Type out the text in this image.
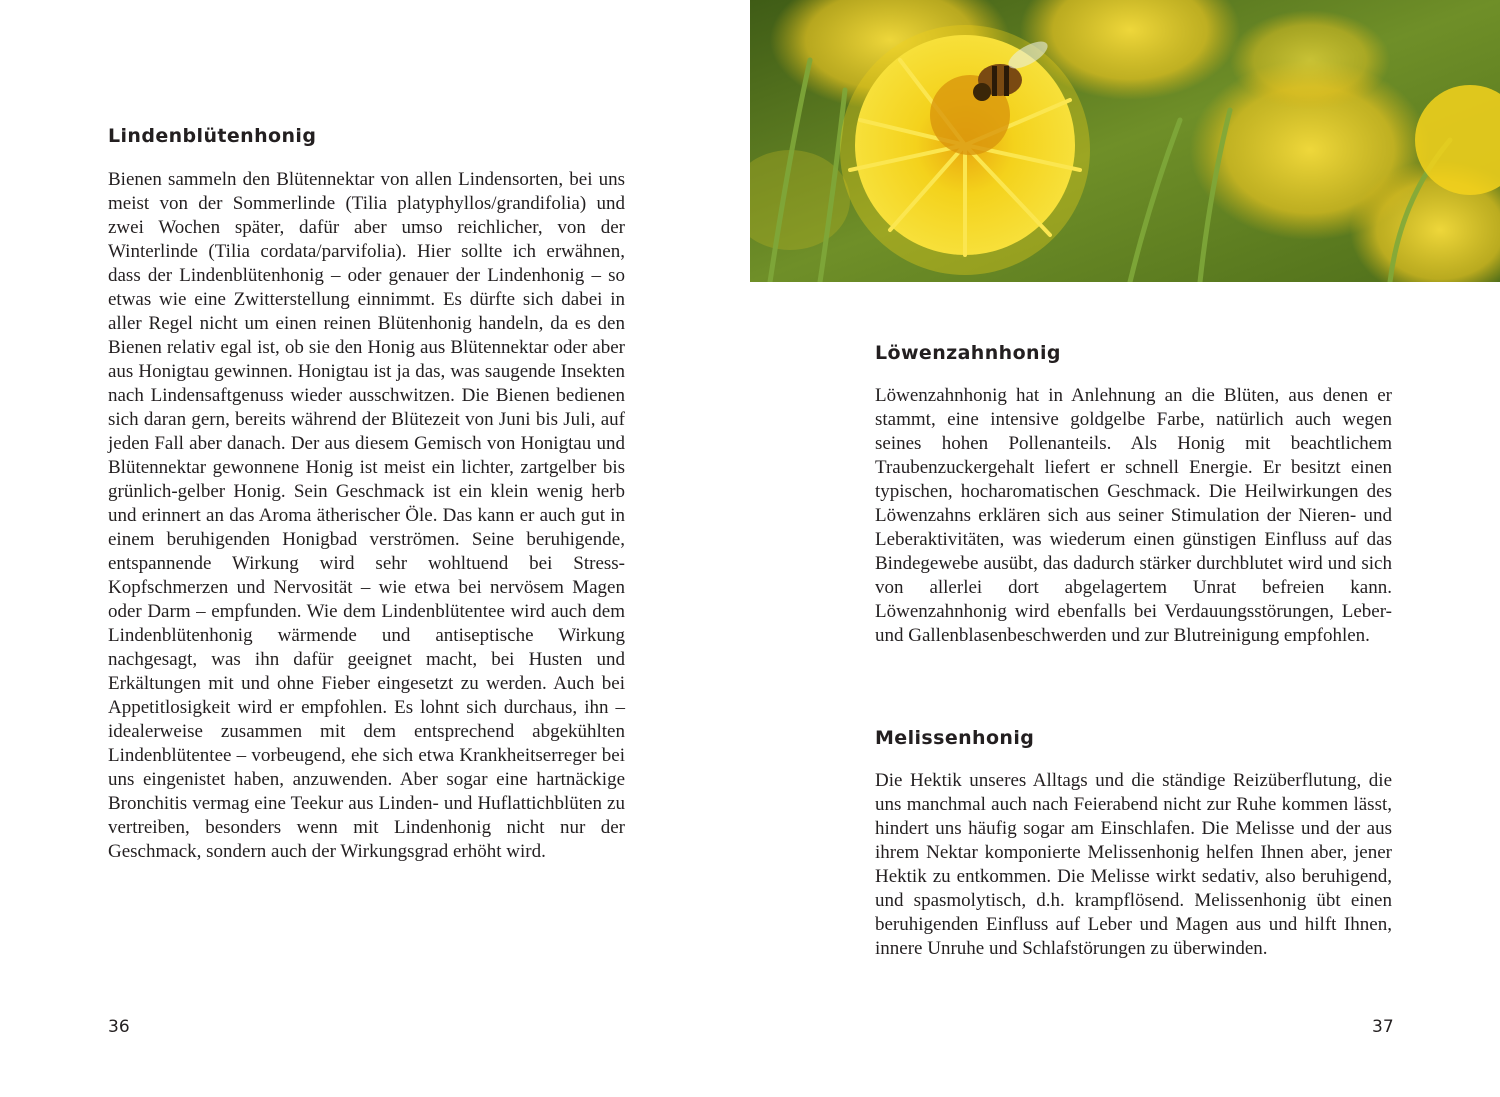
Lindenblütenhonig

Bienen sammeln den Blütennektar von allen Lindensorten, bei uns meist von der Sommerlinde (Tilia platyphyllos/grandifolia) und zwei Wochen später, dafür aber umso reichlicher, von der Winterlinde (Tilia cordata/parvifolia). Hier sollte ich erwähnen, dass der Lindenblütenhonig – oder genauer der Lindenhonig – so etwas wie eine Zwitterstellung einnimmt. Es dürfte sich dabei in aller Regel nicht um einen reinen Blütenhonig handeln, da es den Bienen relativ egal ist, ob sie den Honig aus Blütennektar oder aber aus Honigtau gewinnen. Honigtau ist ja das, was saugende Insekten nach Lindensaftgenuss wieder ausschwitzen. Die Bienen bedienen sich daran gern, bereits während der Blütezeit von Juni bis Juli, auf jeden Fall aber danach. Der aus diesem Gemisch von Honigtau und Blütennektar gewonnene Honig ist meist ein lichter, zartgelber bis grünlich-gelber Honig. Sein Geschmack ist ein klein wenig herb und erinnert an das Aroma ätherischer Öle. Das kann er auch gut in einem beruhigenden Honigbad verströmen. Seine beruhigende, entspannende Wirkung wird sehr wohltuend bei Stress-Kopfschmerzen und Nervosität – wie etwa bei nervösem Magen oder Darm – empfunden. Wie dem Lindenblütentee wird auch dem Lindenblütenhonig wärmende und antiseptische Wirkung nachgesagt, was ihn dafür geeignet macht, bei Husten und Erkältungen mit und ohne Fieber eingesetzt zu werden. Auch bei Appetitlosigkeit wird er empfohlen. Es lohnt sich durchaus, ihn – idealerweise zusammen mit dem entsprechend abgekühlten Lindenblütentee – vorbeugend, ehe sich etwa Krankheitserreger bei uns eingenistet haben, anzuwenden. Aber sogar eine hartnäckige Bronchitis vermag eine Teekur aus Linden- und Huflattichblüten zu vertreiben, besonders wenn mit Lindenhonig nicht nur der Geschmack, sondern auch der Wirkungsgrad erhöht wird.

36
Löwenzahnhonig

Löwenzahnhonig hat in Anlehnung an die Blüten, aus denen er stammt, eine intensive goldgelbe Farbe, natürlich auch wegen seines hohen Pollenanteils. Als Honig mit beachtlichem Traubenzuckergehalt liefert er schnell Energie. Er besitzt einen typischen, hocharomatischen Geschmack. Die Heilwirkungen des Löwenzahns erklären sich aus seiner Stimulation der Nieren- und Leberaktivitäten, was wiederum einen günstigen Einfluss auf das Bindegewebe ausübt, das dadurch stärker durchblutet wird und sich von allerlei dort abgelagertem Unrat befreien kann. Löwenzahnhonig wird ebenfalls bei Verdauungsstörungen, Leber- und Gallenblasenbeschwerden und zur Blutreinigung empfohlen.

Melissenhonig

Die Hektik unseres Alltags und die ständige Reizüberflutung, die uns manchmal auch nach Feierabend nicht zur Ruhe kommen lässt, hindert uns häufig sogar am Einschlafen. Die Melisse und der aus ihrem Nektar komponierte Melissenhonig helfen Ihnen aber, jener Hektik zu entkommen. Die Melisse wirkt sedativ, also beruhigend, und spasmolytisch, d.h. krampflösend. Melissenhonig übt einen beruhigenden Einfluss auf Leber und Magen aus und hilft Ihnen, innere Unruhe und Schlafstörungen zu überwinden.

37
